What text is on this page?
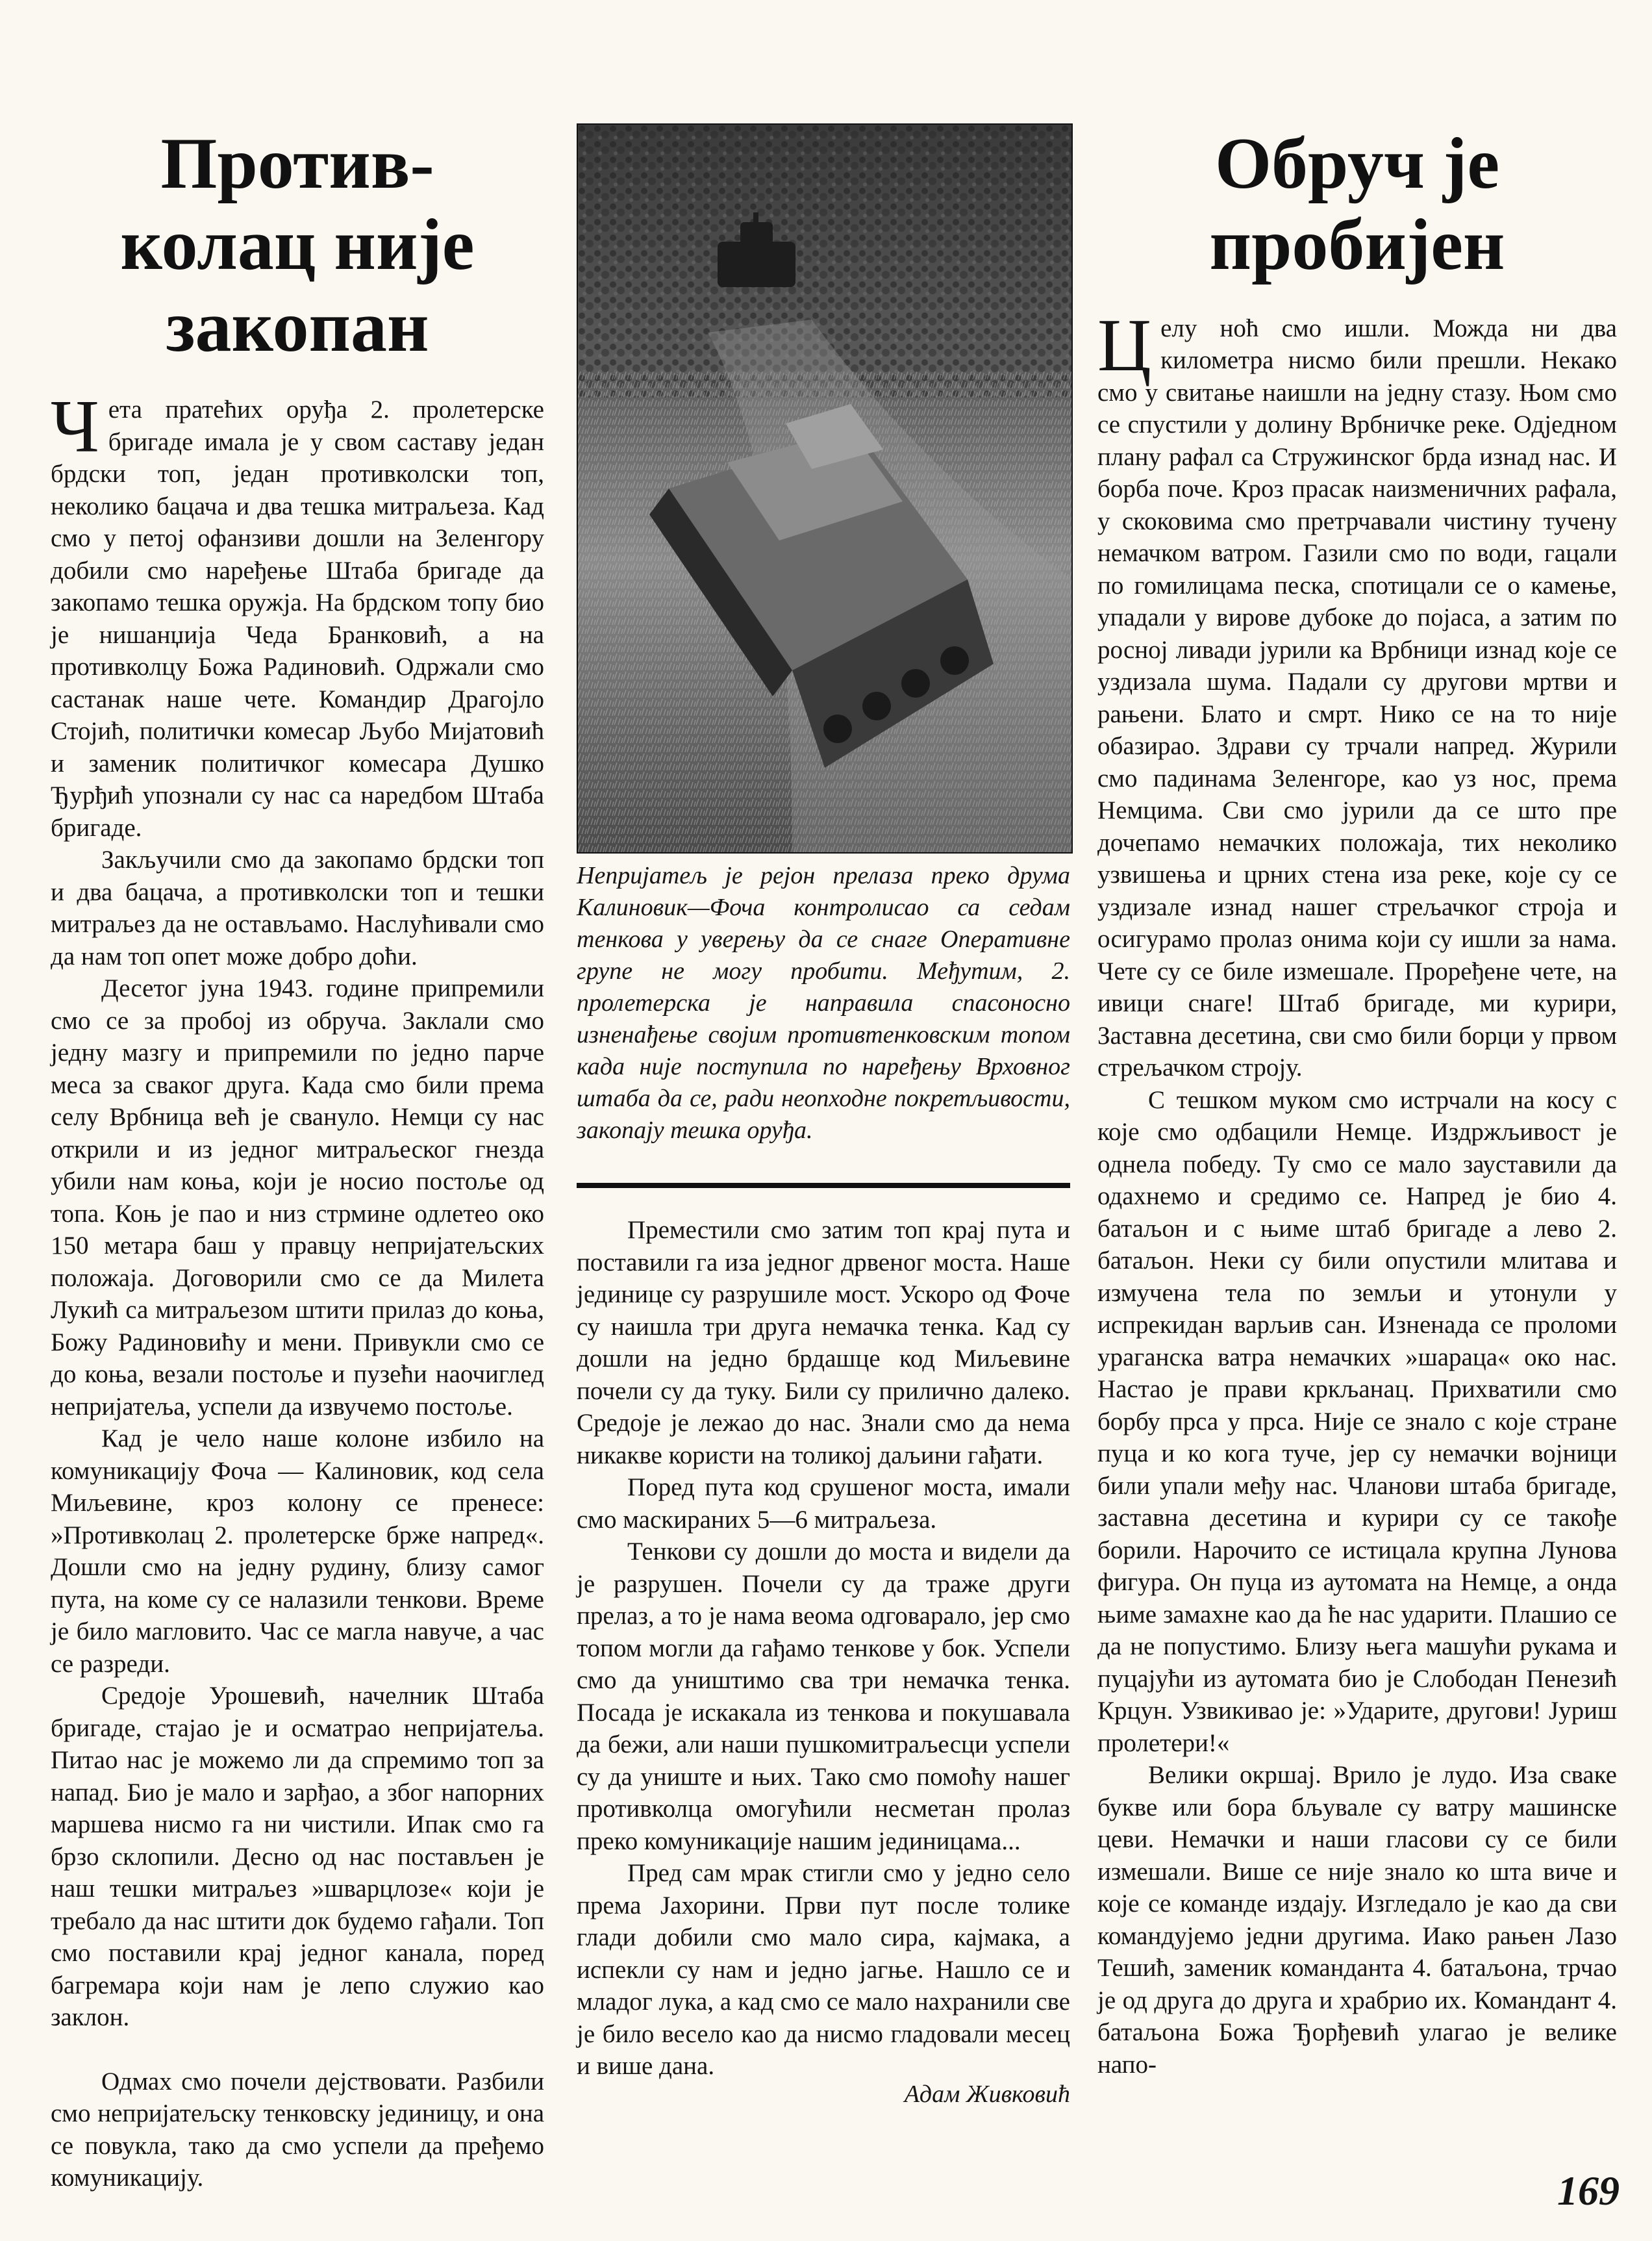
Против- колац није закопан

Чета пратећих оруђа 2. пролетерске бригаде имала је у свом саставу један брдски топ, један противколски топ, неколико бацача и два тешка митраљеза. Кад смо у петој офанзиви дошли на Зеленгору добили смо наређење Штаба бригаде да закопамо тешка оружја. На брдском топу био је нишанџија Чеда Бранковић, а на противколцу Божа Радиновић. Одржали смо састанак наше чете. Командир Драгојло Стојић, политички комесар Љубо Мијатовић и заменик политичког комесара Душко Ђурђић упознали су нас са наредбом Штаба бригаде.

Закључили смо да закопамо брдски топ и два бацача, а противколски топ и тешки митраљез да не остављамо. Наслућивали смо да нам топ опет може добро доћи.

Десетог јуна 1943. године припремили смо се за пробој из обруча. Заклали смо једну мазгу и припремили по једно парче меса за сваког друга. Када смо били према селу Врбница већ је свануло. Немци су нас открили и из једног митраљеског гнезда убили нам коња, који је носио постоље од топа. Коњ је пао и низ стрмине одлетео око 150 метара баш у правцу непријатељских положаја. Договорили смо се да Милета Лукић са митраљезом штити прилаз до коња, Божу Радиновићу и мени. Привукли смо се до коња, везали постоље и пузећи наочиглед непријатеља, успели да извучемо постоље.

Кад је чело наше колоне избило на комуникацију Фоча — Калиновик, код села Миљевине, кроз колону се пренесе: »Противколац 2. пролетерске брже напред«. Дошли смо на једну рудину, близу самог пута, на коме су се налазили тенкови. Време је било магловито. Час се магла навуче, а час се разреди.

Средоје Урошевић, начелник Штаба бригаде, стајао је и осматрао непријатеља. Питао нас је можемо ли да спремимо топ за напад. Био је мало и зарђао, а због напорних маршева нисмо га ни чистили. Ипак смо га брзо склопили. Десно од нас постављен је наш тешки митраљез »шварцлозе« који је требало да нас штити док будемо гађали. Топ смо поставили крај једног канала, поред багремара који нам је лепо служио као заклон.

Одмах смо почели дејствовати. Разбили смо непријатељску тенковску јединицу, и она се повукла, тако да смо успели да пређемо комуникацију.

Непријатељ је рејон прелаза преко друма Калиновик—Фоча контролисао са седам тенкова у уверењу да се снаге Оперативне групе не могу пробити. Међутим, 2. пролетерска је направила спасоносно изненађење својим противтенковским топом када није поступила по наређењу Врховног штаба да се, ради неопходне покретљивости, закопају тешка оруђа.

Преместили смо затим топ крај пута и поставили га иза једног дрвеног моста. Наше јединице су разрушиле мост. Ускоро од Фоче су наишла три друга немачка тенка. Кад су дошли на једно брдашце код Миљевине почели су да туку. Били су прилично далеко. Средоје је лежао до нас. Знали смо да нема никакве користи на толикој даљини гађати.

Поред пута код срушеног моста, имали смо маскираних 5—6 митраљеза.

Тенкови су дошли до моста и видели да је разрушен. Почели су да траже други прелаз, а то је нама веома одговарало, јер смо топом могли да гађамо тенкове у бок. Успели смо да уништимо сва три немачка тенка. Посада је искакала из тенкова и покушавала да бежи, али наши пушкомитраљесци успели су да униште и њих. Тако смо помоћу нашег противколца омогућили несметан пролаз преко комуникације нашим јединицама...

Пред сам мрак стигли смо у једно село према Јахорини. Први пут после толике глади добили смо мало сира, кајмака, а испекли су нам и једно јагње. Нашло се и младог лука, а кад смо се мало нахранили све је било весело као да нисмо гладовали месец и више дана.

Адам Живковић
Обруч је пробијен

Целу ноћ смо ишли. Можда ни два километра нисмо били прешли. Некако смо у свитање наишли на једну стазу. Њом смо се спустили у долину Врбничке реке. Одједном плану рафал са Стружинског брда изнад нас. И борба поче. Кроз прасак наизменичних рафала, у скоковима смо претрчавали чистину тучену немачком ватром. Газили смо по води, гацали по гомилицама песка, спотицали се о камење, упадали у вирове дубоке до појаса, а затим по росној ливади јурили ка Врбници изнад које се уздизала шума. Падали су другови мртви и рањени. Блато и смрт. Нико се на то није обазирао. Здрави су трчали напред. Журили смо падинама Зеленгоре, као уз нос, према Немцима. Сви смо јурили да се што пре дочепамо немачких положаја, тих неколико узвишења и црних стена иза реке, које су се уздизале изнад нашег стрељачког строја и осигурамо пролаз онима који су ишли за нама. Чете су се биле измешале. Проређене чете, на ивици снаге! Штаб бригаде, ми курири, Заставна десетина, сви смо били борци у првом стрељачком строју.

С тешком муком смо истрчали на косу с које смо одбацили Немце. Издржљивост је однела победу. Ту смо се мало зауставили да одахнемо и средимо се. Напред је био 4. батаљон и с њиме штаб бригаде а лево 2. батаљон. Неки су били опустили млитава и измучена тела по земљи и утонули у испрекидан варљив сан. Изненада се проломи ураганска ватра немачких »шараца« око нас. Настао је прави кркљанац. Прихватили смо борбу прса у прса. Није се знало с које стране пуца и ко кога туче, јер су немачки војници били упали међу нас. Чланови штаба бригаде, заставна десетина и курири су се такође борили. Нарочито се истицала крупна Лунова фигура. Он пуца из аутомата на Немце, а онда њиме замахне као да ће нас ударити. Плашио се да не попустимо. Близу њега машући рукама и пуцајући из аутомата био је Слободан Пенезић Крцун. Узвикивао је: »Ударите, другови! Јуриш пролетери!«

Велики окршај. Врило је лудо. Иза сваке букве или бора бљувале су ватру машинске цеви. Немачки и наши гласови су се били измешали. Више се није знало ко шта виче и које се команде издају. Изгледало је као да сви командујемо једни другима. Иако рањен Лазо Тешић, заменик команданта 4. батаљона, трчао је од друга до друга и храбрио их. Командант 4. батаљона Божа Ђорђевић улагао је велике напо-

169
